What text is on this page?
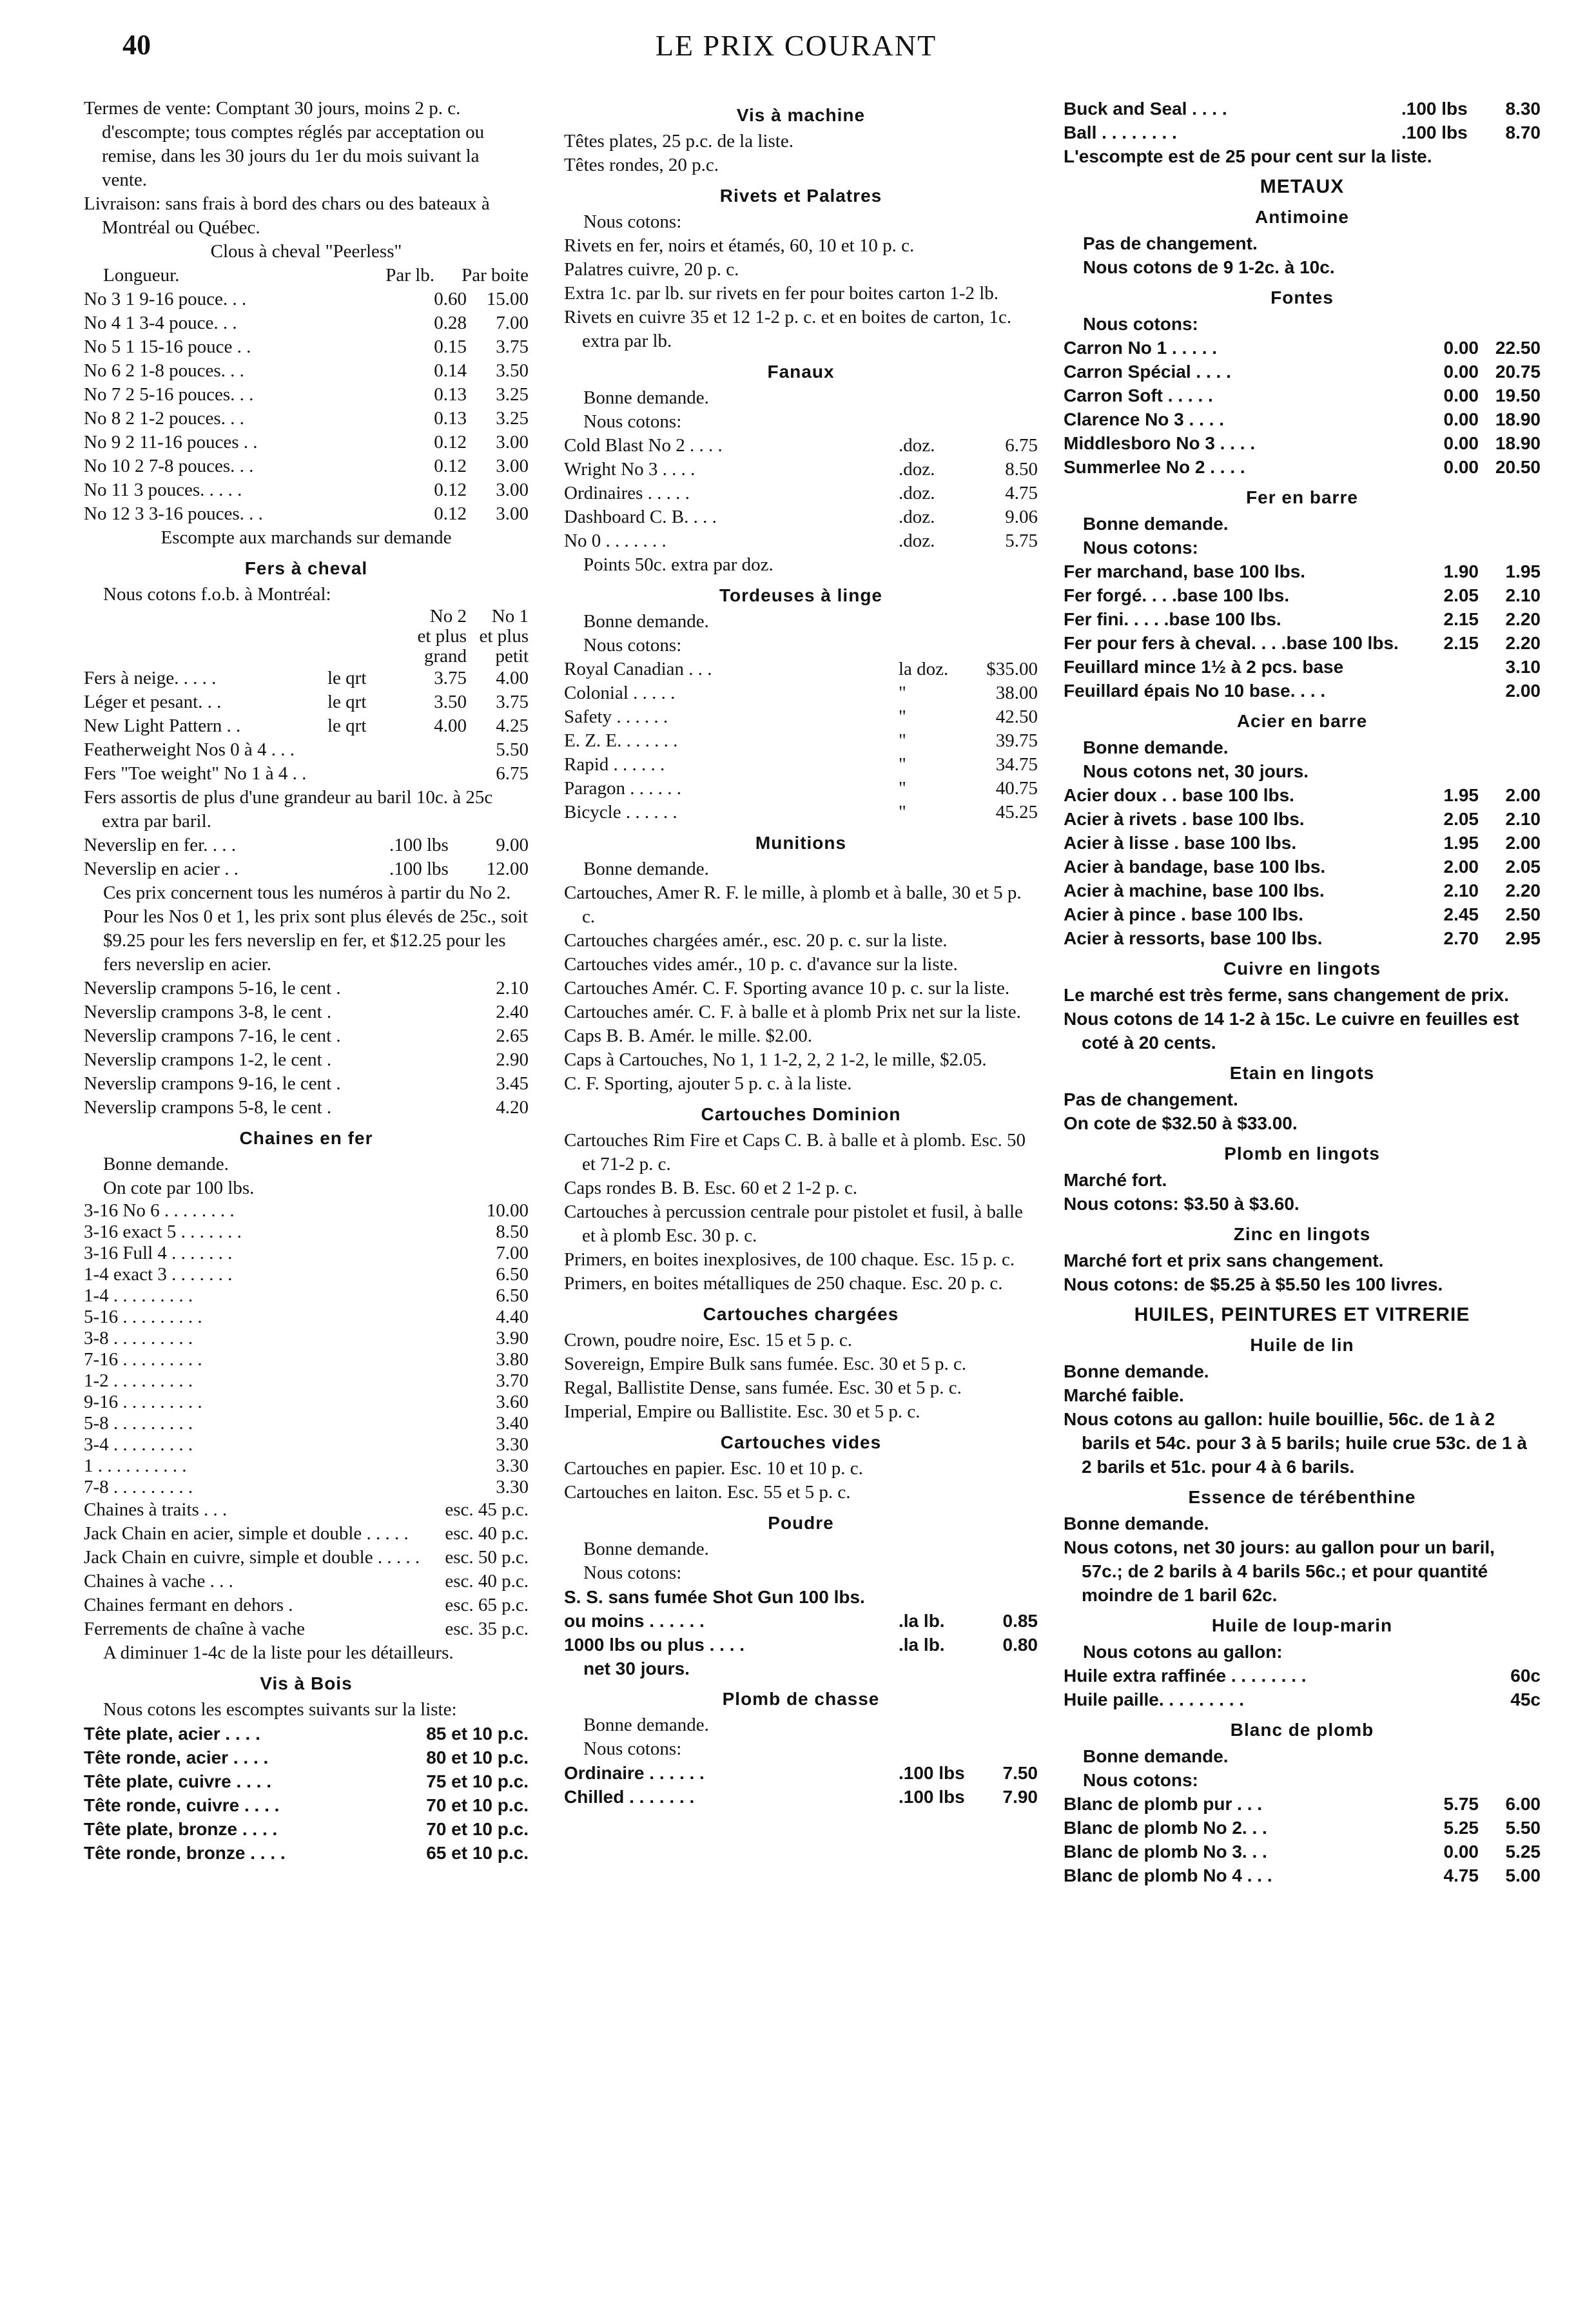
40	LE PRIX COURANT
Termes de vente: Comptant 30 jours, moins 2 p. c. d'escompte; tous comptes réglés par acceptation ou remise, dans les 30 jours du 1er du mois suivant la vente.
Livraison: sans frais à bord des chars ou des bateaux à Montréal ou Québec.
Clous à cheval "Peerless"
Longueur.	Par lb.	Par boite
No 3 1 9-16 pouce. . .	0.60	15.00
No 4 1 3-4 pouce. . .	0.28	7.00
No 5 1 15-16 pouce . .	0.15	3.75
No 6 2 1-8 pouces. . .	0.14	3.50
No 7 2 5-16 pouces. . .	0.13	3.25
No 8 2 1-2 pouces. . .	0.13	3.25
No 9 2 11-16 pouces . .	0.12	3.00
No 10 2 7-8 pouces. . .	0.12	3.00
No 11 3 pouces. . . . .	0.12	3.00
No 12 3 3-16 pouces. . .	0.12	3.00
Escompte aux marchands sur demande
Fers à cheval
Nous cotons f.o.b. à Montréal:
No 2	No 1
et plus et plus
grand	petit
Fers à neige. . . . .	le qrt	3.75	4.00
Léger et pesant. . .	le qrt	3.50	3.75
New Light Pattern . .	le qrt	4.00	4.25
Featherweight Nos 0 à 4 . . .	5.50
Fers "Toe weight" No 1 à 4 . .	6.75
Fers assortis de plus d'une grandeur au baril 10c. à 25c extra par baril.
Neverslip en fer. . . .	.100 lbs	9.00
Neverslip en acier . .	.100 lbs	12.00
Ces prix concernent tous les numéros à partir du No 2.
Pour les Nos 0 et 1, les prix sont plus élevés de 25c., soit $9.25 pour les fers neverslip en fer, et $12.25 pour les fers neverslip en acier.
Neverslip crampons 5-16, le cent .	2.10
Neverslip crampons 3-8, le cent .	2.40
Neverslip crampons 7-16, le cent .	2.65
Neverslip crampons 1-2, le cent .	2.90
Neverslip crampons 9-16, le cent .	3.45
Neverslip crampons 5-8, le cent .	4.20
Chaines en fer
Bonne demande.
On cote par 100 lbs.
3-16 No 6 . . . . . . . .	10.00
3-16 exact 5 . . . . . . .	8.50
3-16 Full 4 . . . . . . .	7.00
1-4 exact 3 . . . . . . .	6.50
1-4 . . . . . . . . .	6.50
5-16 . . . . . . . . .	4.40
3-8 . . . . . . . . .	3.90
7-16 . . . . . . . . .	3.80
1-2 . . . . . . . . .	3.70
9-16 . . . . . . . . .	3.60
5-8 . . . . . . . . .	3.40
3-4 . . . . . . . . .	3.30
1 . . . . . . . . . .	3.30
7-8 . . . . . . . . .	3.30
Chaines à traits . . .	esc. 45 p.c.
Jack Chain en acier, simple et double . . . . .	esc. 40 p.c.
Jack Chain en cuivre, simple et double . . . . .	esc. 50 p.c.
Chaines à vache . . .	esc. 40 p.c.
Chaines fermant en dehors .	esc. 65 p.c.
Ferrements de chaîne à vache	esc. 35 p.c.
A diminuer 1-4c de la liste pour les détailleurs.
Vis à Bois
Nous cotons les escomptes suivants sur la liste:
Tête plate, acier . . . .	85 et 10 p.c.
Tête ronde, acier . . . .	80 et 10 p.c.
Tête plate, cuivre . . . .	75 et 10 p.c.
Tête ronde, cuivre . . . .	70 et 10 p.c.
Tête plate, bronze . . . .	70 et 10 p.c.
Tête ronde, bronze . . . .	65 et 10 p.c.
Vis à machine
Têtes plates, 25 p.c. de la liste.
Têtes rondes, 20 p.c.
Rivets et Palatres
Nous cotons:
Rivets en fer, noirs et étamés, 60, 10 et 10 p. c.
Palatres cuivre, 20 p. c.
Extra 1c. par lb. sur rivets en fer pour boites carton 1-2 lb.
Rivets en cuivre 35 et 12 1-2 p. c. et en boites de carton, 1c. extra par lb.
Fanaux
Bonne demande.
Nous cotons:
Cold Blast No 2 . . . .	.doz.	6.75
Wright No 3 . . . .	.doz.	8.50
Ordinaires . . . . .	.doz.	4.75
Dashboard C. B. . . .	.doz.	9.06
No 0 . . . . . . .	.doz.	5.75
Points 50c. extra par doz.
Tordeuses à linge
Bonne demande.
Nous cotons:
Royal Canadian . . .	la doz.	$35.00
Colonial . . . . .	"	38.00
Safety . . . . . .	"	42.50
E. Z. E. . . . . . .	"	39.75
Rapid . . . . . .	"	34.75
Paragon . . . . . .	"	40.75
Bicycle . . . . . .	"	45.25
Munitions
Bonne demande.
Cartouches, Amer R. F. le mille, à plomb et à balle, 30 et 5 p. c.
Cartouches chargées amér., esc. 20 p. c. sur la liste.
Cartouches vides amér., 10 p. c. d'avance sur la liste.
Cartouches Amér. C. F. Sporting avance 10 p. c. sur la liste.
Cartouches amér. C. F. à balle et à plomb Prix net sur la liste.
Caps B. B. Amér. le mille. $2.00.
Caps à Cartouches, No 1, 1 1-2, 2, 2 1-2, le mille, $2.05.
C. F. Sporting, ajouter 5 p. c. à la liste.
Cartouches Dominion
Cartouches Rim Fire et Caps C. B. à balle et à plomb. Esc. 50 et 71-2 p. c.
Caps rondes B. B. Esc. 60 et 2 1-2 p. c.
Cartouches à percussion centrale pour pistolet et fusil, à balle et à plomb Esc. 30 p. c.
Primers, en boites inexplosives, de 100 chaque. Esc. 15 p. c.
Primers, en boites métalliques de 250 chaque. Esc. 20 p. c.
Cartouches chargées
Crown, poudre noire, Esc. 15 et 5 p. c.
Sovereign, Empire Bulk sans fumée. Esc. 30 et 5 p. c.
Regal, Ballistite Dense, sans fumée. Esc. 30 et 5 p. c.
Imperial, Empire ou Ballistite. Esc. 30 et 5 p. c.
Cartouches vides
Cartouches en papier. Esc. 10 et 10 p. c.
Cartouches en laiton. Esc. 55 et 5 p. c.
Poudre
Bonne demande.
Nous cotons:
S. S. sans fumée Shot Gun 100 lbs.
ou moins . . . . . .	.la lb.	0.85
1000 lbs ou plus . . . .	.la lb.	0.80
net 30 jours.
Plomb de chasse
Bonne demande.
Nous cotons:
Ordinaire . . . . . .	.100 lbs	7.50
Chilled . . . . . . .	.100 lbs	7.90
Buck and Seal . . . .	.100 lbs	8.30
Ball . . . . . . . .	.100 lbs	8.70
L'escompte est de 25 pour cent sur la liste.
METAUX
Antimoine
Pas de changement.
Nous cotons de 9 1-2c. à 10c.
Fontes
Nous cotons:
Carron No 1 . . . . .	0.00 22.50
Carron Spécial . . . .	0.00 20.75
Carron Soft . . . . .	0.00 19.50
Clarence No 3 . . . .	0.00 18.90
Middlesboro No 3 . . . .	0.00 18.90
Summerlee No 2 . . . .	0.00 20.50
Fer en barre
Bonne demande.
Nous cotons:
Fer marchand, base 100 lbs.	1.90	1.95
Fer forgé. . . .base 100 lbs.	2.05	2.10
Fer fini. . . . .base 100 lbs.	2.15	2.20
Fer pour fers à cheval. . . .base 100 lbs.	2.15	2.20
Feuillard mince 1½ à 2 pcs. base	3.10
Feuillard épais No 10 base. . . .	2.00
Acier en barre
Bonne demande.
Nous cotons net, 30 jours.
Acier doux . . base 100 lbs.	1.95	2.00
Acier à rivets . base 100 lbs.	2.05	2.10
Acier à lisse . base 100 lbs.	1.95	2.00
Acier à bandage, base 100 lbs.	2.00	2.05
Acier à machine, base 100 lbs.	2.10	2.20
Acier à pince . base 100 lbs.	2.45	2.50
Acier à ressorts, base 100 lbs.	2.70	2.95
Cuivre en lingots
Le marché est très ferme, sans changement de prix.
Nous cotons de 14 1-2 à 15c. Le cuivre en feuilles est coté à 20 cents.
Etain en lingots
Pas de changement.
On cote de $32.50 à $33.00.
Plomb en lingots
Marché fort.
Nous cotons: $3.50 à $3.60.
Zinc en lingots
Marché fort et prix sans changement.
Nous cotons: de $5.25 à $5.50 les 100 livres.
HUILES, PEINTURES ET VITRERIE
Huile de lin
Bonne demande.
Marché faible.
Nous cotons au gallon: huile bouillie, 56c. de 1 à 2 barils et 54c. pour 3 à 5 barils; huile crue 53c. de 1 à 2 barils et 51c. pour 4 à 6 barils.
Essence de térébenthine
Bonne demande.
Nous cotons, net 30 jours: au gallon pour un baril, 57c.; de 2 barils à 4 barils 56c.; et pour quantité moindre de 1 baril 62c.
Huile de loup-marin
Nous cotons au gallon:
Huile extra raffinée . . . . . . . .	60c
Huile paille. . . . . . . . .	45c
Blanc de plomb
Bonne demande.
Nous cotons:
Blanc de plomb pur . . .	5.75	6.00
Blanc de plomb No 2. . .	5.25	5.50
Blanc de plomb No 3. . .	0.00	5.25
Blanc de plomb No 4 . . .	4.75	5.00
